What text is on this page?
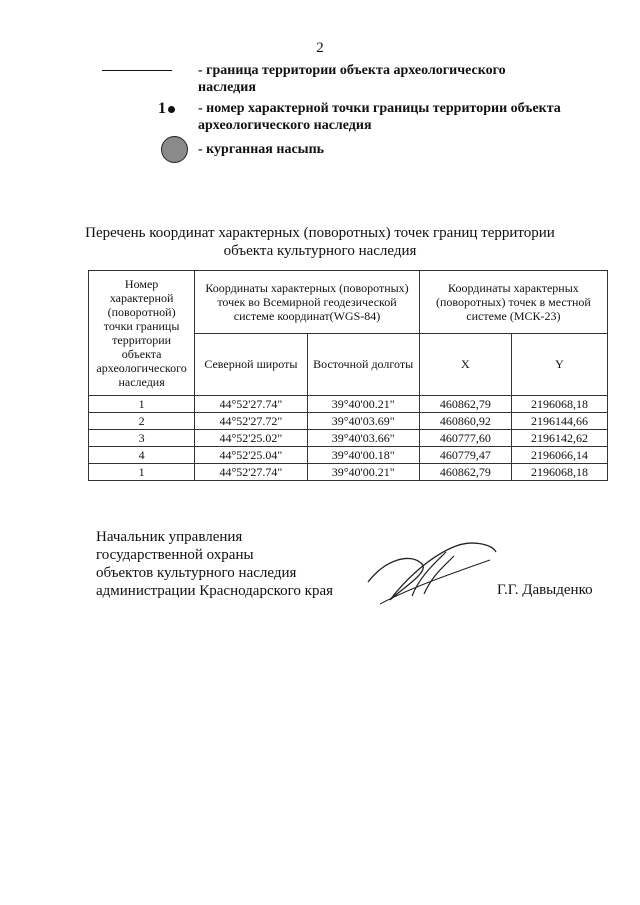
2
- граница территории объекта археологического наследия
1 - номер характерной точки границы территории объекта археологического наследия
- курганная насыпь
Перечень координат характерных (поворотных) точек границ территории объекта культурного наследия
Номер характерной (поворотной) точки границы территории объекта археологического наследия	Координаты характерных (поворотных) точек во Всемирной геодезической системе координат(WGS-84)		Координаты характерных (поворотных) точек в местной системе (МСК-23)	
	Северной широты	Восточной долготы	X	Y
1	44°52'27.74"	39°40'00.21"	460862,79	2196068,18
2	44°52'27.72"	39°40'03.69"	460860,92	2196144,66
3	44°52'25.02"	39°40'03.66"	460777,60	2196142,62
4	44°52'25.04"	39°40'00.18"	460779,47	2196066,14
1	44°52'27.74"	39°40'00.21"	460862,79	2196068,18
Начальник управления
государственной охраны
объектов культурного наследия
администрации Краснодарского края	Г.Г. Давыденко
